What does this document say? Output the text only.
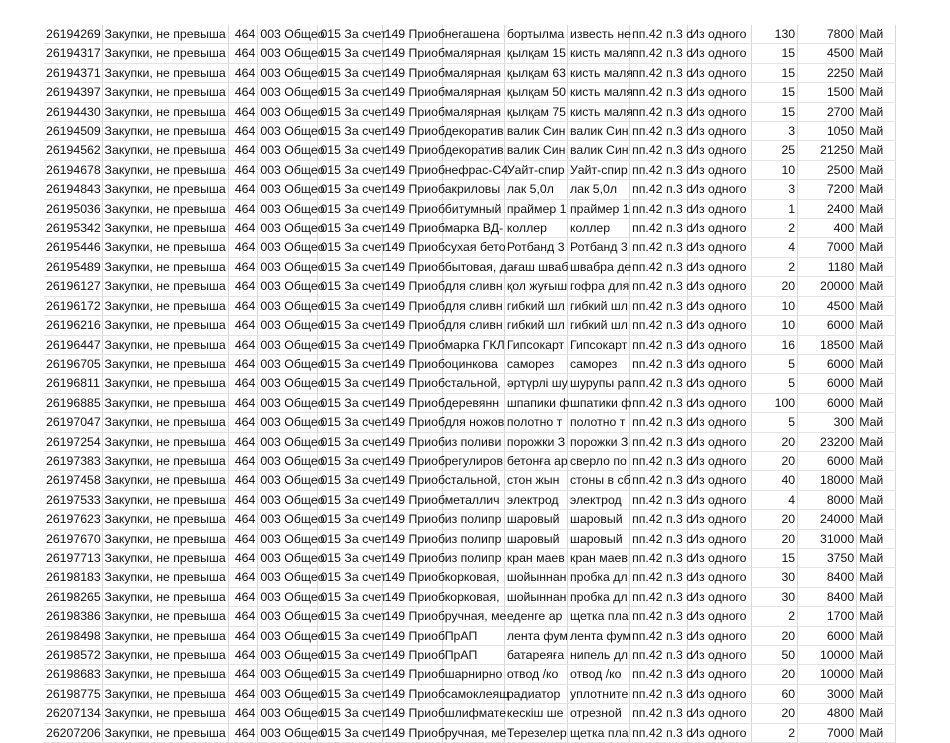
26194269	Закупки, не превыша	464	003 Общео	015 За счет	149 Приоб	негашена	бортылма	известь не	пп.42 п.3 с	Из одного	130	7800	Май
26194317	Закупки, не превыша	464	003 Общео	015 За счет	149 Приоб	малярная	қылқам 15	кисть маля	пп.42 п.3 с	Из одного	15	4500	Май
26194371	Закупки, не превыша	464	003 Общео	015 За счет	149 Приоб	малярная	қылқам 63	кисть маля	пп.42 п.3 с	Из одного	15	2250	Май
26194397	Закупки, не превыша	464	003 Общео	015 За счет	149 Приоб	малярная	қылқам 50	кисть маля	пп.42 п.3 с	Из одного	15	1500	Май
26194430	Закупки, не превыша	464	003 Общео	015 За счет	149 Приоб	малярная	қылқам 75	кисть маля	пп.42 п.3 с	Из одного	15	2700	Май
26194509	Закупки, не превыша	464	003 Общео	015 За счет	149 Приоб	декоратив	валик Син	валик Син	пп.42 п.3 с	Из одного	3	1050	Май
26194562	Закупки, не превыша	464	003 Общео	015 За счет	149 Приоб	декоратив	валик Син	валик Син	пп.42 п.3 с	Из одного	25	21250	Май
26194678	Закупки, не превыша	464	003 Общео	015 За счет	149 Приоб	нефрас-С4	Уайт-спир	Уайт-спир	пп.42 п.3 с	Из одного	10	2500	Май
26194843	Закупки, не превыша	464	003 Общео	015 За счет	149 Приоб	акриловы	лак 5,0л	лак 5,0л	пп.42 п.3 с	Из одного	3	7200	Май
26195036	Закупки, не превыша	464	003 Общео	015 За счет	149 Приоб	битумный	праймер 1	праймер 1	пп.42 п.3 с	Из одного	1	2400	Май
26195342	Закупки, не превыша	464	003 Общео	015 За счет	149 Приоб	марка ВД-	коллер	коллер	пп.42 п.3 с	Из одного	2	400	Май
26195446	Закупки, не превыша	464	003 Общео	015 За счет	149 Приоб	сухая бето	Ротбанд 3	Ротбанд 3	пп.42 п.3 с	Из одного	4	7000	Май
26195489	Закупки, не превыша	464	003 Общео	015 За счет	149 Приоб	бытовая, д	ағаш шваб	швабра де	пп.42 п.3 с	Из одного	2	1180	Май
26196127	Закупки, не превыша	464	003 Общео	015 За счет	149 Приоб	для сливн	қол жуғыш	гофра для	пп.42 п.3 с	Из одного	20	20000	Май
26196172	Закупки, не превыша	464	003 Общео	015 За счет	149 Приоб	для сливн	гибкий шл	гибкий шл	пп.42 п.3 с	Из одного	10	4500	Май
26196216	Закупки, не превыша	464	003 Общео	015 За счет	149 Приоб	для сливн	гибкий шл	гибкий шл	пп.42 п.3 с	Из одного	10	6000	Май
26196447	Закупки, не превыша	464	003 Общео	015 За счет	149 Приоб	марка ГКЛ	Гипсокарт	Гипсокарт	пп.42 п.3 с	Из одного	16	18500	Май
26196705	Закупки, не превыша	464	003 Общео	015 За счет	149 Приоб	оцинкова	саморез	саморез	пп.42 п.3 с	Из одного	5	6000	Май
26196811	Закупки, не превыша	464	003 Общео	015 За счет	149 Приоб	стальной,	әртүрлі шу	шурупы ра	пп.42 п.3 с	Из одного	5	6000	Май
26196885	Закупки, не превыша	464	003 Общео	015 За счет	149 Приоб	деревянн	шпапики ф	шпатики ф	пп.42 п.3 с	Из одного	100	6000	Май
26197047	Закупки, не превыша	464	003 Общео	015 За счет	149 Приоб	для ножов	полотно т	полотно т	пп.42 п.3 с	Из одного	5	300	Май
26197254	Закупки, не превыша	464	003 Общео	015 За счет	149 Приоб	из поливи	порожки З	порожки З	пп.42 п.3 с	Из одного	20	23200	Май
26197383	Закупки, не превыша	464	003 Общео	015 За счет	149 Приоб	регулиров	бетонға ар	сверло по	пп.42 п.3 с	Из одного	20	6000	Май
26197458	Закупки, не превыша	464	003 Общео	015 За счет	149 Приоб	стальной,	стон жын	стоны в сб	пп.42 п.3 с	Из одного	40	18000	Май
26197533	Закупки, не превыша	464	003 Общео	015 За счет	149 Приоб	металлич	электрод	электрод	пп.42 п.3 с	Из одного	4	8000	Май
26197623	Закупки, не превыша	464	003 Общео	015 За счет	149 Приоб	из полипр	шаровый	шаровый	пп.42 п.3 с	Из одного	20	24000	Май
26197670	Закупки, не превыша	464	003 Общео	015 За счет	149 Приоб	из полипр	шаровый	шаровый	пп.42 п.3 с	Из одного	20	31000	Май
26197713	Закупки, не превыша	464	003 Общео	015 За счет	149 Приоб	из полипр	кран маев	кран маев	пп.42 п.3 с	Из одного	15	3750	Май
26198183	Закупки, не превыша	464	003 Общео	015 За счет	149 Приоб	корковая,	шойыннан	пробка дл	пп.42 п.3 с	Из одного	30	8400	Май
26198265	Закупки, не превыша	464	003 Общео	015 За счет	149 Приоб	корковая,	шойыннан	пробка дл	пп.42 п.3 с	Из одного	30	8400	Май
26198386	Закупки, не превыша	464	003 Общео	015 За счет	149 Приоб	ручная, ме	еденге ар	щетка пла	пп.42 п.3 с	Из одного	2	1700	Май
26198498	Закупки, не превыша	464	003 Общео	015 За счет	149 Приоб	ПрАП	лента фум	лента фум	пп.42 п.3 с	Из одного	20	6000	Май
26198572	Закупки, не превыша	464	003 Общео	015 За счет	149 Приоб	ПрАП	батареяға	нипель дл	пп.42 п.3 с	Из одного	50	10000	Май
26198683	Закупки, не превыша	464	003 Общео	015 За счет	149 Приоб	шарнирно	отвод /ко	отвод /ко	пп.42 п.3 с	Из одного	20	10000	Май
26198775	Закупки, не превыша	464	003 Общео	015 За счет	149 Приоб	самоклеящ	радиатор	уплотните	пп.42 п.3 с	Из одного	60	3000	Май
26207134	Закупки, не превыша	464	003 Общео	015 За счет	149 Приоб	шлифмате	кескіш ше	отрезной	пп.42 п.3 с	Из одного	20	4800	Май
26207206	Закупки, не превыша	464	003 Общео	015 За счет	149 Приоб	ручная, ме	Терезелер	щетка пла	пп.42 п.3 с	Из одного	2	7000	Май
